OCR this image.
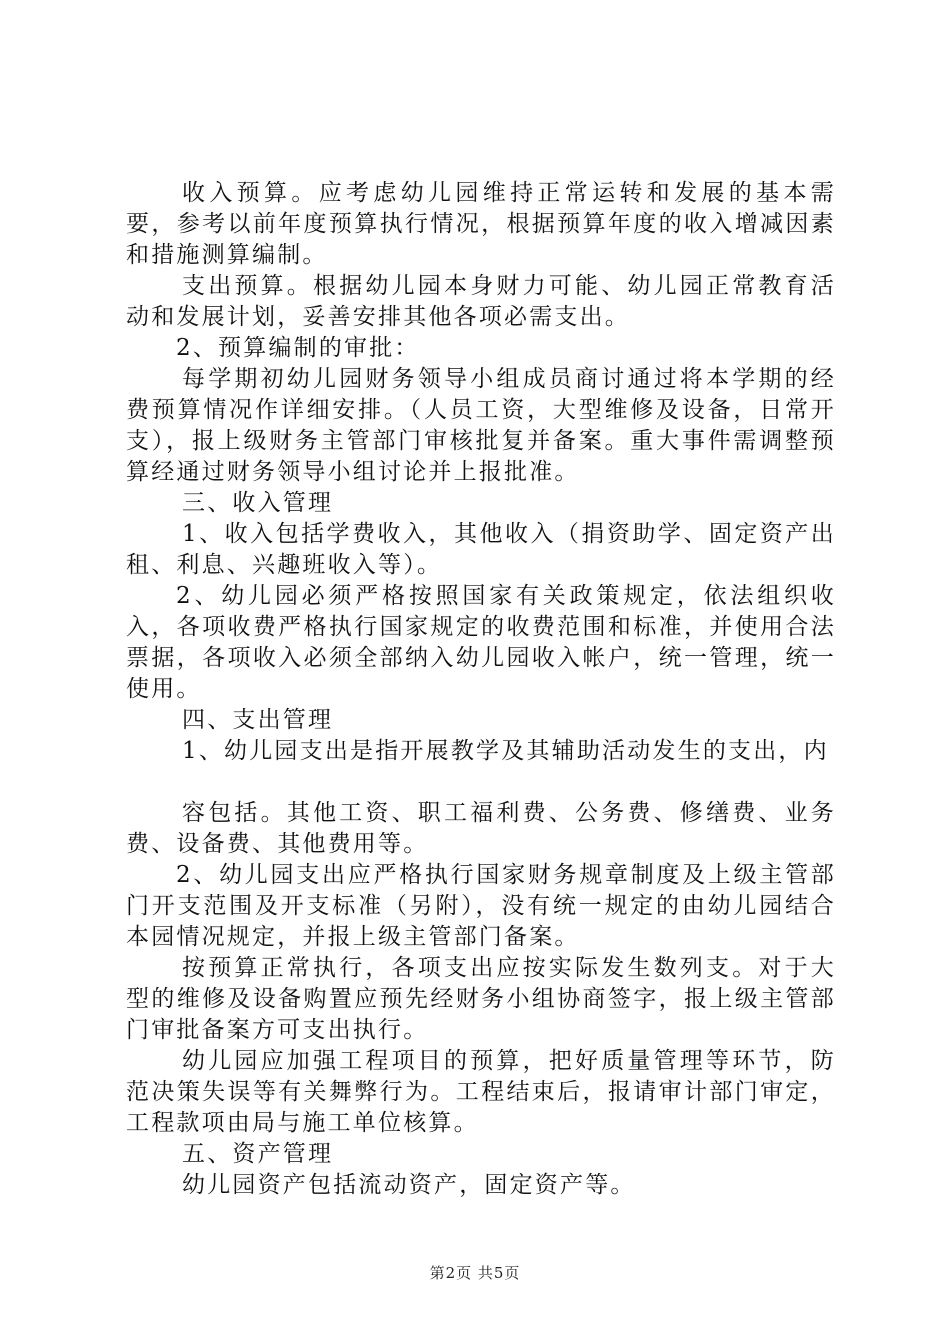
收入预算。应考虑幼儿园维持正常运转和发展的基本需要，参考以前年度预算执行情况，根据预算年度的收入增减因素和措施测算编制。

支出预算。根据幼儿园本身财力可能、幼儿园正常教育活动和发展计划，妥善安排其他各项必需支出。

2、预算编制的审批：

每学期初幼儿园财务领导小组成员商讨通过将本学期的经费预算情况作详细安排。（人员工资，大型维修及设备，日常开支），报上级财务主管部门审核批复并备案。重大事件需调整预算经通过财务领导小组讨论并上报批准。

三、收入管理

1、收入包括学费收入，其他收入（捐资助学、固定资产出租、利息、兴趣班收入等）。

2、幼儿园必须严格按照国家有关政策规定，依法组织收入，各项收费严格执行国家规定的收费范围和标准，并使用合法票据，各项收入必须全部纳入幼儿园收入帐户，统一管理，统一使用。

四、支出管理

1、幼儿园支出是指开展教学及其辅助活动发生的支出，内

容包括。其他工资、职工福利费、公务费、修缮费、业务费、设备费、其他费用等。

2、幼儿园支出应严格执行国家财务规章制度及上级主管部门开支范围及开支标准（另附），没有统一规定的由幼儿园结合本园情况规定，并报上级主管部门备案。

按预算正常执行，各项支出应按实际发生数列支。对于大型的维修及设备购置应预先经财务小组协商签字，报上级主管部门审批备案方可支出执行。

幼儿园应加强工程项目的预算，把好质量管理等环节，防范决策失误等有关舞弊行为。工程结束后，报请审计部门审定，工程款项由局与施工单位核算。

五、资产管理

幼儿园资产包括流动资产，固定资产等。

第2页 共5页
